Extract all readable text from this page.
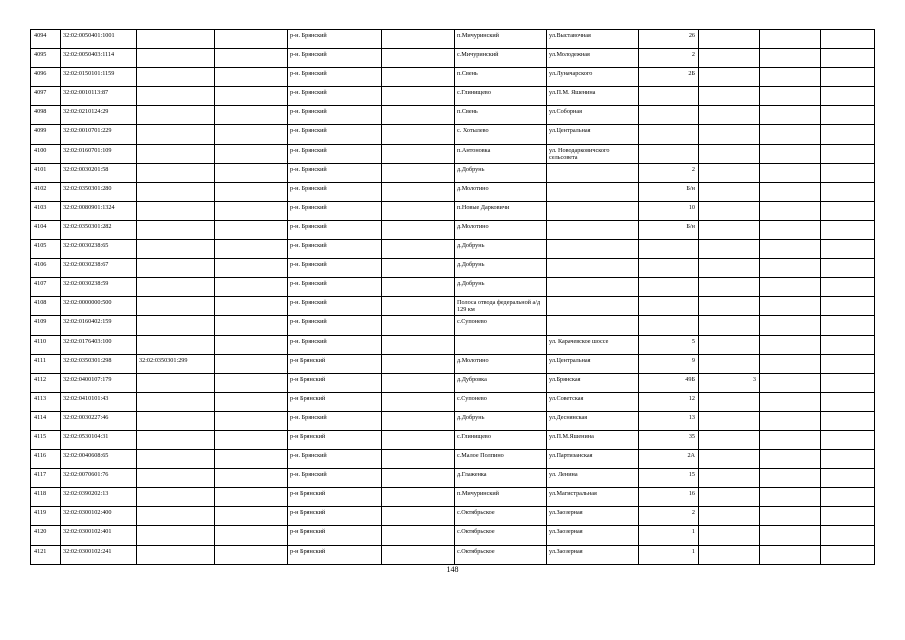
4094	32:02:0050401:1001			р-н. Брянский		п.Мичуринский	ул.Выставочная	26			
4095	32:02:0050403:1114			р-н. Брянский		с.Мичуринский	ул.Молодежная	2			
4096	32:02:0150101:1159			р-н. Брянский		п.Свень	ул.Луначарского	2Б			
4097	32:02:0010113:87			р-н. Брянский		с.Глинищево	ул.П.М. Яшенина				
4098	32:02:0210124:29			р-н. Брянский		п.Свень	ул.Соборная				
4099	32:02:0010701:229			р-н. Брянский		с. Хотылево	ул.Центральная				
4100	32:02:0160701:109			р-н. Брянский		п.Антоновка	ул. Новодарковичского сельсовета				
4101	32:02:0030201:58			р-н. Брянский		д.Добрунь		2			
4102	32:02:0350301:280			р-н. Брянский		д.Молотино		Б/н			
4103	32:02:0080901:1324			р-н. Брянский		п.Новые Дарковичи		10			
4104	32:02:0350301:282			р-н. Брянский		д.Молотино		Б/н			
4105	32:02:0030238:65			р-н. Брянский		д.Добрунь					
4106	32:02:0030238:67			р-н. Брянский		д.Добрунь					
4107	32:02:0030238:59			р-н. Брянский		д.Добрунь					
4108	32:02:0000000:500			р-н. Брянский		Полоса отвода федеральной а/д 129 км					
4109	32:02:0160402:159			р-н. Брянский		с.Супонево					
4110	32:02:0176403:100			р-н. Брянский			ул. Карачевское шоссе	5			
4111	32:02:0350301:298	32:02:0350301:299		р-н Брянский		д.Молотино	ул.Центральная	9			
4112	32:02:0400107:179			р-н Брянский		д.Дубровка	ул.Брянская	49Б	3		
4113	32:02:0410101:43			р-н Брянский		с.Супонево	ул.Советская	12			
4114	32:02:0030227:46			р-н. Брянский		д.Добрунь	ул.Деснянская	13			
4115	32:02:0530104:31			р-н Брянский		с.Глинищево	ул.П.М.Яшенина	35			
4116	32:02:0040608:65			р-н. Брянский		с.Малое Полпино	ул.Партизанская	2А			
4117	32:02:0070601:76			р-н. Брянский		д.Глаженка	ул. Ленина	15			
4118	32:02:0390202:13			р-н Брянский		п.Мичуринский	ул.Магистральная	16			
4119	32:02:0300102:400			р-н Брянский		с.Октябрьское	ул.Заозерная	2			
4120	32:02:0300102:401			р-н Брянский		с.Октябрьское	ул.Заозерная	1			
4121	32:02:0300102:241			р-н Брянский		с.Октябрьское	ул.Заозерная	1			
148
